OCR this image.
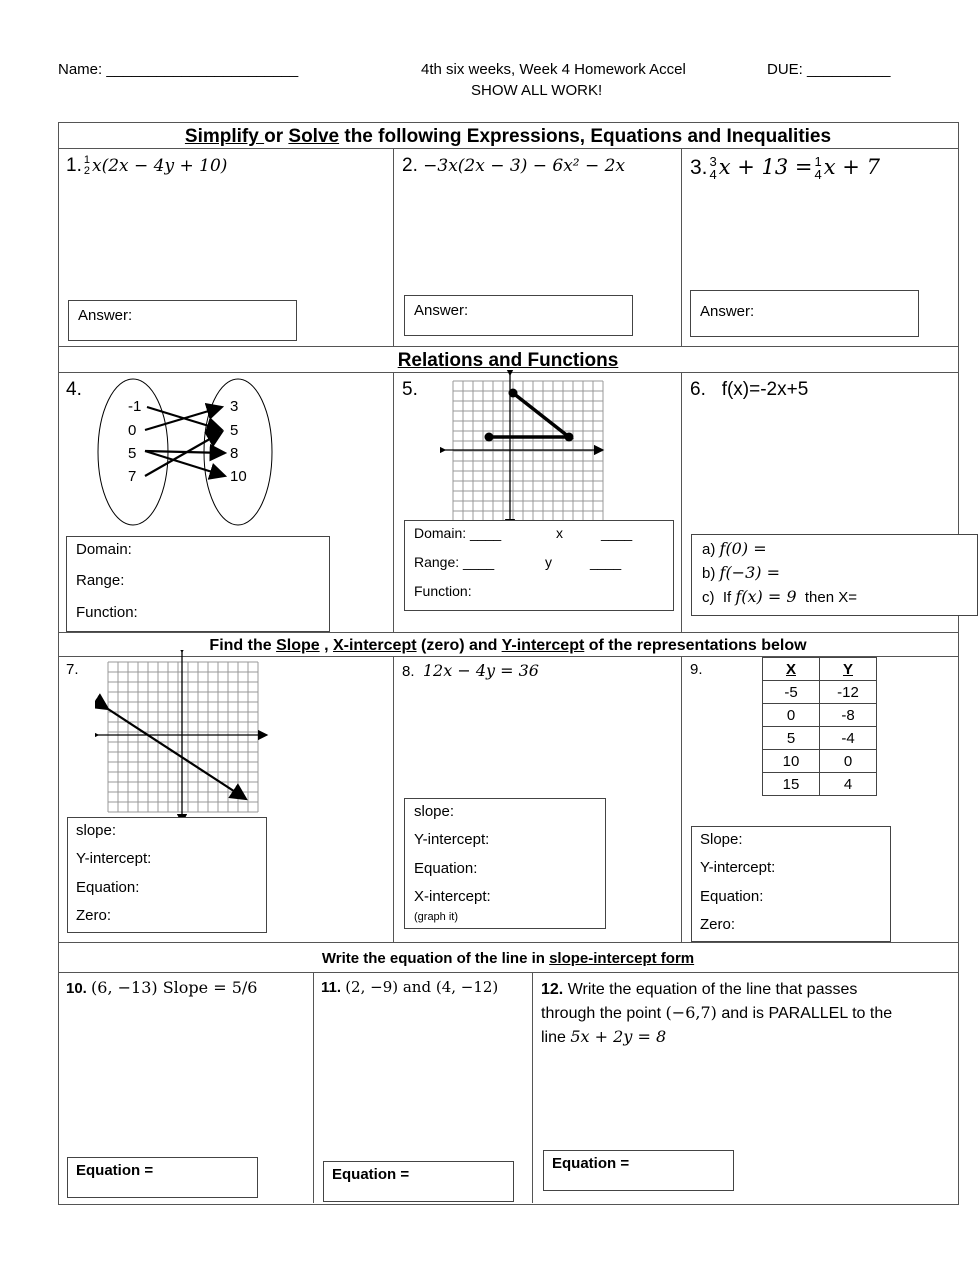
Name: _______________________	4th six weeks, Week 4 Homework Accel	DUE: __________
SHOW ALL WORK!
Simplify or Solve the following Expressions, Equations and Inequalities
1. 1
2 x(2x − 4y + 10)	2. −3x(2x − 3) − 6x² − 2x	3. 3
4 x + 13 = 1
4 x + 7
Answer:	Answer:	Answer:
Relations and Functions
4.
-1
0
5
7
3
5
8
10
Domain:
Range:
Function:
5.
Domain: ____	x	____
Range: ____	y	____
Function:
6. f(x)=-2x+5
a) f(0) =
b) f(−3) =
c) If f(x) = 9 then X=
Find the Slope , X-intercept (zero) and Y-intercept of the representations below
7.
slope:
Y-intercept:
Equation:
Zero:
8. 12x − 4y = 36
slope:
Y-intercept:
Equation:
X-intercept:
(graph it)
9.	X	Y
-5	-12
0	-8
5	-4
10	0
15	4
Slope:
Y-intercept:
Equation:
Zero:
Write the equation of the line in slope-intercept form
10. (6, −13) Slope = 5/6	11. (2, −9) and (4, −12)	12. Write the equation of the line that passes
through the point (−6,7) and is PARALLEL to the
line 5x + 2y = 8
Equation =	Equation =
Equation =
